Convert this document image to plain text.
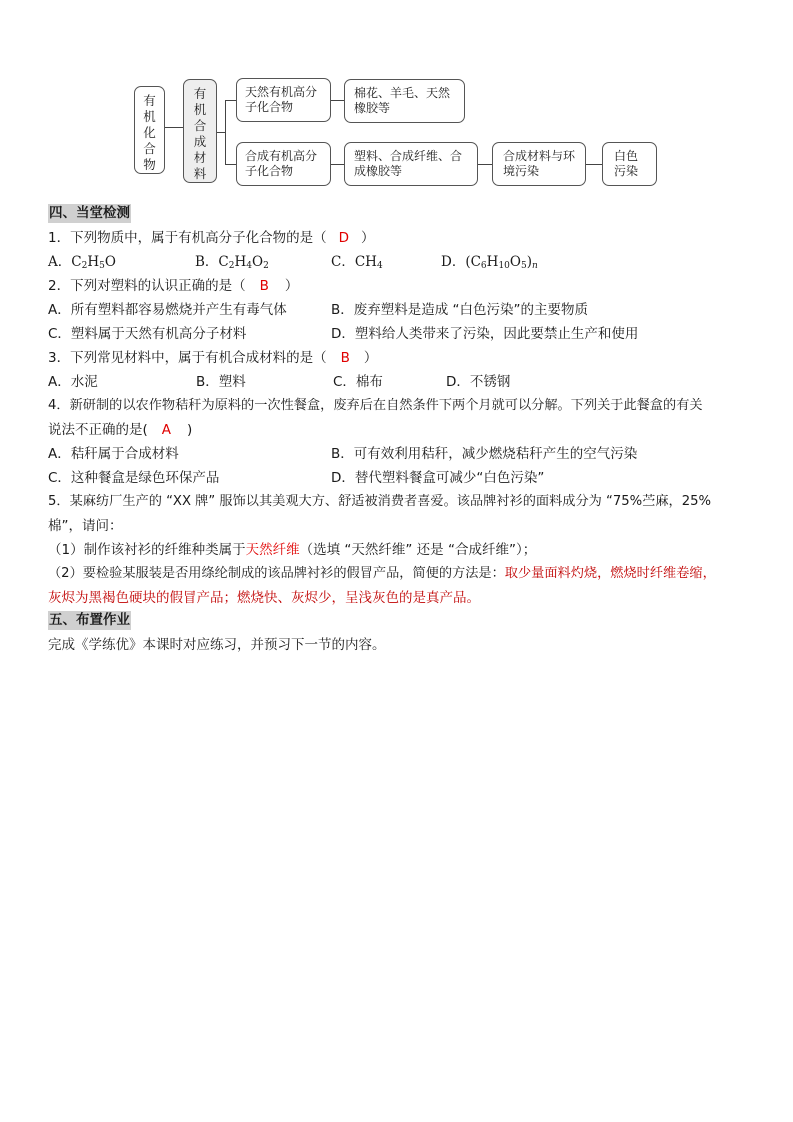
有
机
化
合
物
有
机
合
成
材
料
天然有机高分子化合物
棉花、羊毛、天然橡胶等
合成有机高分子化合物
塑料、合成纤维、合成橡胶等
合成材料与环境污染
白色污染
四、当堂检测
1．下列物质中，属于有机高分子化合物的是（ D ）
A．$C_2H_5O$	B．$C_2H_4O_2$	C．$CH_4$	D．$(C_6H_{10}O_5)_n$
2．下列对塑料的认识正确的是（ B ）
A．所有塑料都容易燃烧并产生有毒气体	B．废弃塑料是造成 “白色污染”的主要物质
C．塑料属于天然有机高分子材料	D．塑料给人类带来了污染，因此要禁止生产和使用
3．下列常见材料中，属于有机合成材料的是（ B ）
A．水泥	B．塑料	C．棉布	D．不锈钢
4．新研制的以农作物秸秆为原料的一次性餐盒，废弃后在自然条件下两个月就可以分解。下列关于此餐盒的有关
说法不正确的是( A )
A．秸秆属于合成材料	B．可有效利用秸秆，减少燃烧秸秆产生的空气污染
C．这种餐盒是绿色环保产品	D．替代塑料餐盒可减少“白色污染”
5．某麻纺厂生产的 “XX 牌” 服饰以其美观大方、舒适被消费者喜爱。该品牌衬衫的面料成分为 “75%苎麻，25%
棉”，请问：
（1）制作该衬衫的纤维种类属于天然纤维（选填 “天然纤维” 还是 “合成纤维”）；
（2）要检验某服装是否用绦纶制成的该品牌衬衫的假冒产品，简便的方法是：取少量面料灼烧，燃烧时纤维卷缩，
灰烬为黑褐色硬块的假冒产品；燃烧快、灰烬少，呈浅灰色的是真产品。
五、布置作业
完成《学练优》本课时对应练习，并预习下一节的内容。
